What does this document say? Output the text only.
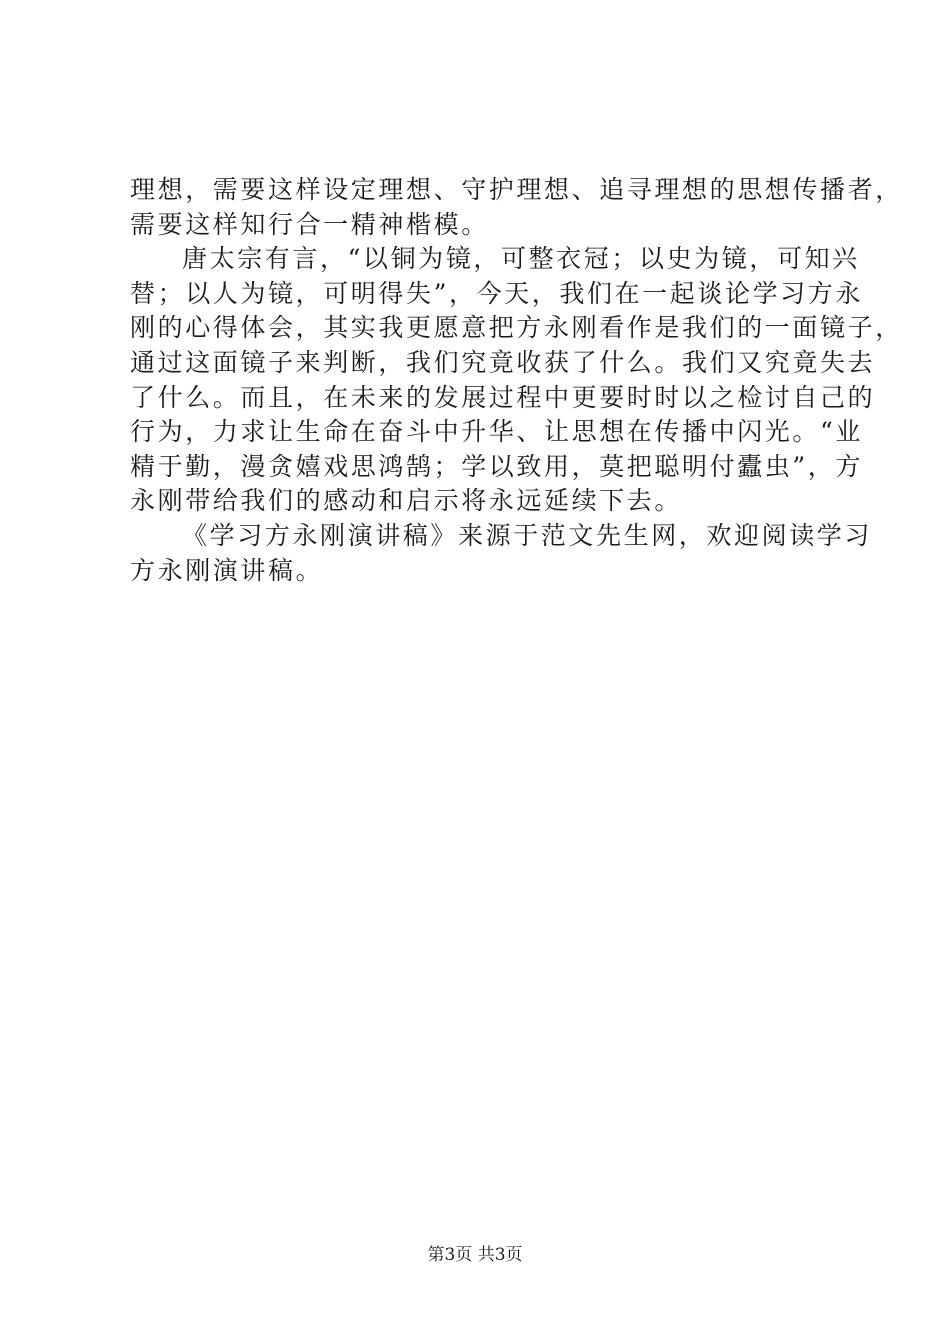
理想，需要这样设定理想、守护理想、追寻理想的思想传播者，
需要这样知行合一精神楷模。
唐太宗有言，“以铜为镜，可整衣冠；以史为镜，可知兴
替；以人为镜，可明得失”，今天，我们在一起谈论学习方永
刚的心得体会，其实我更愿意把方永刚看作是我们的一面镜子，
通过这面镜子来判断，我们究竟收获了什么。我们又究竟失去
了什么。而且，在未来的发展过程中更要时时以之检讨自己的
行为，力求让生命在奋斗中升华、让思想在传播中闪光。“业
精于勤，漫贪嬉戏思鸿鹄；学以致用，莫把聪明付蠹虫”，方
永刚带给我们的感动和启示将永远延续下去。
《学习方永刚演讲稿》来源于范文先生网，欢迎阅读学习
方永刚演讲稿。
第3页 共3页
